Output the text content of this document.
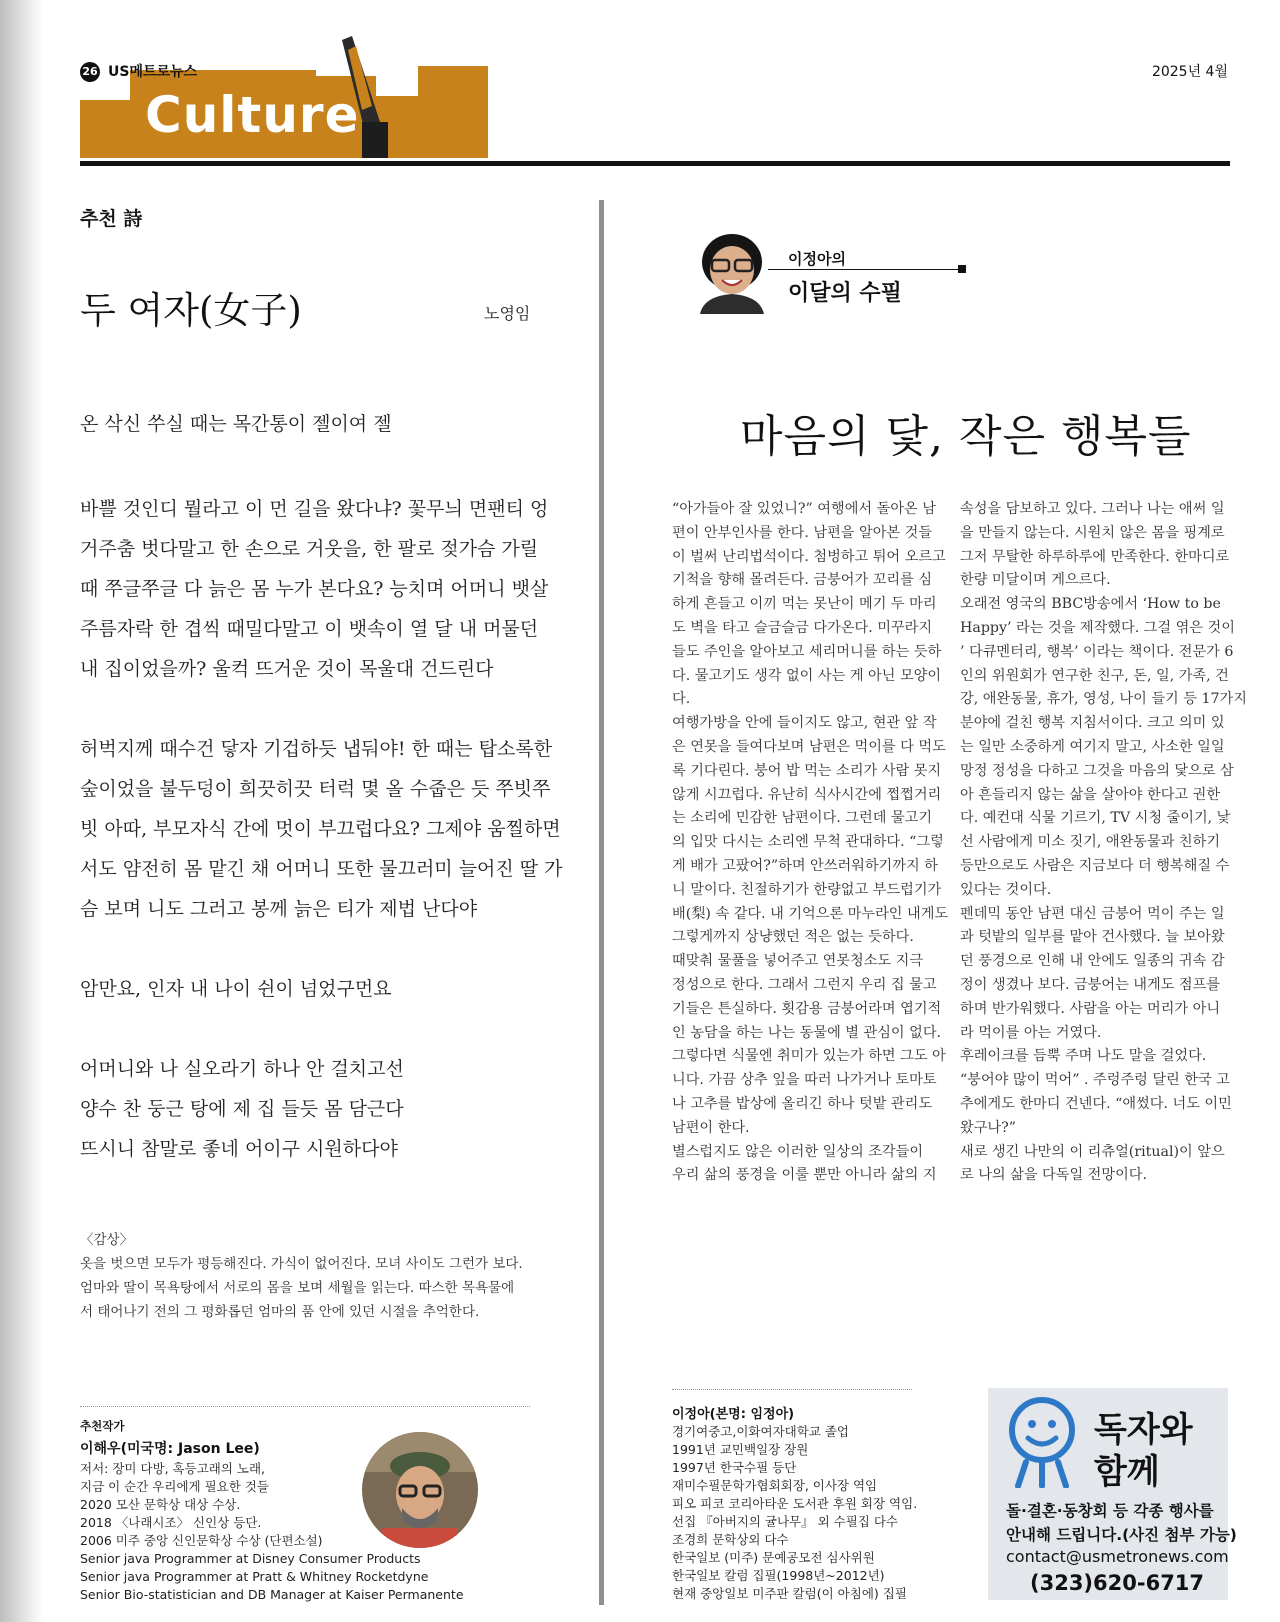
Culture
26 US메트로뉴스	2025년 4월
추천 詩
두 여자(女子)	노영임
온 삭신 쑤실 때는 목간통이 젤이여 젤
바쁠 것인디 뭘라고 이 먼 길을 왔다냐? 꽃무늬 면팬티 엉
거주춤 벗다말고 한 손으로 거웃을, 한 팔로 젖가슴 가릴
때 쭈글쭈글 다 늙은 몸 누가 본다요? 능치며 어머니 뱃살
주름자락 한 겹씩 때밀다말고 이 뱃속이 열 달 내 머물던
내 집이었을까? 울컥 뜨거운 것이 목울대 건드린다
허벅지께 때수건 닿자 기겁하듯 냅둬야! 한 때는 탑소록한
숲이었을 불두덩이 희끗히끗 터럭 몇 올 수줍은 듯 쭈빗쭈
빗 아따, 부모자식 간에 멋이 부끄럽다요? 그제야 움찔하면
서도 얌전히 몸 맡긴 채 어머니 또한 물끄러미 늘어진 딸 가
슴 보며 니도 그러고 봉께 늙은 티가 제법 난다야
암만요, 인자 내 나이 쉰이 넘었구먼요
어머니와 나 실오라기 하나 안 걸치고선
양수 찬 둥근 탕에 제 집 들듯 몸 담근다
뜨시니 참말로 좋네 어이구 시원하다야
〈감상〉
옷을 벗으면 모두가 평등해진다. 가식이 없어진다. 모녀 사이도 그런가 보다.
엄마와 딸이 목욕탕에서 서로의 몸을 보며 세월을 읽는다. 따스한 목욕물에
서 태어나기 전의 그 평화롭던 엄마의 품 안에 있던 시절을 추억한다.
추천작가
이해우(미국명: Jason Lee)
저서: 장미 다방, 혹등고래의 노래,
지금 이 순간 우리에게 필요한 것들
2020 모산 문학상 대상 수상.
2018 〈나래시조〉 신인상 등단.
2006 미주 중앙 신인문학상 수상 (단편소설)
Senior java Programmer at Disney Consumer Products
Senior java Programmer at Pratt & Whitney Rocketdyne
Senior Bio-statistician and DB Manager at Kaiser Permanente
이정아의
이달의 수필
마음의 닻, 작은 행복들
“아가들아 잘 있었니?” 여행에서 돌아온 남
편이 안부인사를 한다. 남편을 알아본 것들
이 벌써 난리법석이다. 첨벙하고 튀어 오르고
기척을 향해 몰려든다. 금붕어가 꼬리를 심
하게 흔들고 이끼 먹는 못난이 메기 두 마리
도 벽을 타고 슬금슬금 다가온다. 미꾸라지
들도 주인을 알아보고 세리머니를 하는 듯하
다. 물고기도 생각 없이 사는 게 아닌 모양이
다.
여행가방을 안에 들이지도 않고, 현관 앞 작
은 연못을 들여다보며 남편은 먹이를 다 먹도
록 기다린다. 붕어 밥 먹는 소리가 사람 못지
않게 시끄럽다. 유난히 식사시간에 쩝쩝거리
는 소리에 민감한 남편이다. 그런데 물고기
의 입맛 다시는 소리엔 무척 관대하다. “그렇
게 배가 고팠어?”하며 안쓰러워하기까지 하
니 말이다. 친절하기가 한량없고 부드럽기가
배(梨) 속 같다. 내 기억으론 마누라인 내게도
그렇게까지 상냥했던 적은 없는 듯하다.
때맞춰 물풀을 넣어주고 연못청소도 지극
정성으로 한다. 그래서 그런지 우리 집 물고
기들은 튼실하다. 횟감용 금붕어라며 엽기적
인 농담을 하는 나는 동물에 별 관심이 없다.
그렇다면 식물엔 취미가 있는가 하면 그도 아
니다. 가끔 상추 잎을 따러 나가거나 토마토
나 고추를 밥상에 올리긴 하나 텃밭 관리도
남편이 한다.
별스럽지도 않은 이러한 일상의 조각들이
우리 삶의 풍경을 이룰 뿐만 아니라 삶의 지
속성을 담보하고 있다. 그러나 나는 애써 일
을 만들지 않는다. 시원치 않은 몸을 핑계로
그저 무탈한 하루하루에 만족한다. 한마디로
한량 미달이며 게으르다.
오래전 영국의 BBC방송에서 ‘How to be
Happy’ 라는 것을 제작했다. 그걸 엮은 것이
’ 다큐멘터리, 행복’ 이라는 책이다. 전문가 6
인의 위원회가 연구한 친구, 돈, 일, 가족, 건
강, 애완동물, 휴가, 영성, 나이 들기 등 17가지
분야에 걸친 행복 지침서이다. 크고 의미 있
는 일만 소중하게 여기지 말고, 사소한 일일
망정 정성을 다하고 그것을 마음의 닻으로 삼
아 흔들리지 않는 삶을 살아야 한다고 권한
다. 예컨대 식물 기르기, TV 시청 줄이기, 낯
선 사람에게 미소 짓기, 애완동물과 친하기
등만으로도 사람은 지금보다 더 행복해질 수
있다는 것이다.
펜데믹 동안 남편 대신 금붕어 먹이 주는 일
과 텃밭의 일부를 맡아 건사했다. 늘 보아왔
던 풍경으로 인해 내 안에도 일종의 귀속 감
정이 생겼나 보다. 금붕어는 내게도 점프를
하며 반가워했다. 사람을 아는 머리가 아니
라 먹이를 아는 거였다.
후레이크를 듬뿍 주며 나도 말을 걸었다.
“붕어야 많이 먹어” . 주렁주렁 달린 한국 고
추에게도 한마디 건넨다. “애썼다. 너도 이민
왔구나?”
새로 생긴 나만의 이 리츄얼(ritual)이 앞으
로 나의 삶을 다독일 전망이다.
이정아(본명: 임정아)
경기여중고,이화여자대학교 졸업
1991년 교민백일장 장원
1997년 한국수필 등단
재미수필문학가협회회장, 이사장 역임
피오 피코 코리아타운 도서관 후원 회장 역임.
선집 『아버지의 귤나무』 외 수필집 다수
조경희 문학상외 다수
한국일보 (미주) 문예공모전 심사위원
한국일보 칼럼 집필(1998년~2012년)
현재 중앙일보 미주판 칼럼(이 아침에) 집필
독자와
함께
돌·결혼·동창회 등 각종 행사를
안내해 드립니다.(사진 첨부 가능)
contact@usmetronews.com
(323)620-6717
